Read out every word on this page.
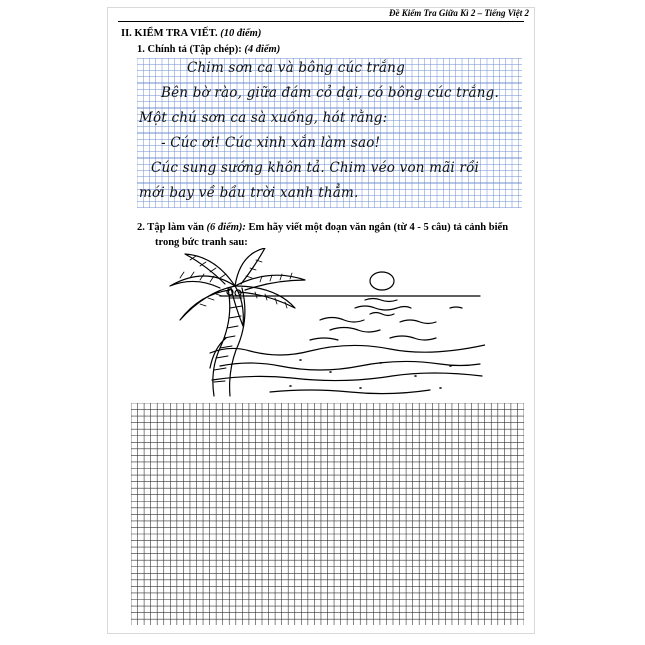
Đề Kiểm Tra Giữa Kì 2 – Tiếng Việt 2
II. KIỂM TRA VIẾT. (10 điểm)
1. Chính tả (Tập chép): (4 điểm)
Chim sơn ca và bông cúc trắng
Bên bờ rào, giữa đám cỏ dại, có bông cúc trắng.
Một chú sơn ca sà xuống, hót rằng:
- Cúc ơi! Cúc xinh xắn làm sao!
Cúc sung sướng khôn tả. Chim véo von mãi rồi
mới bay về bầu trời xanh thẳm.
2. Tập làm văn (6 điểm): Em hãy viết một đoạn văn ngắn (từ 4 - 5 câu) tả cảnh biển
trong bức tranh sau:
